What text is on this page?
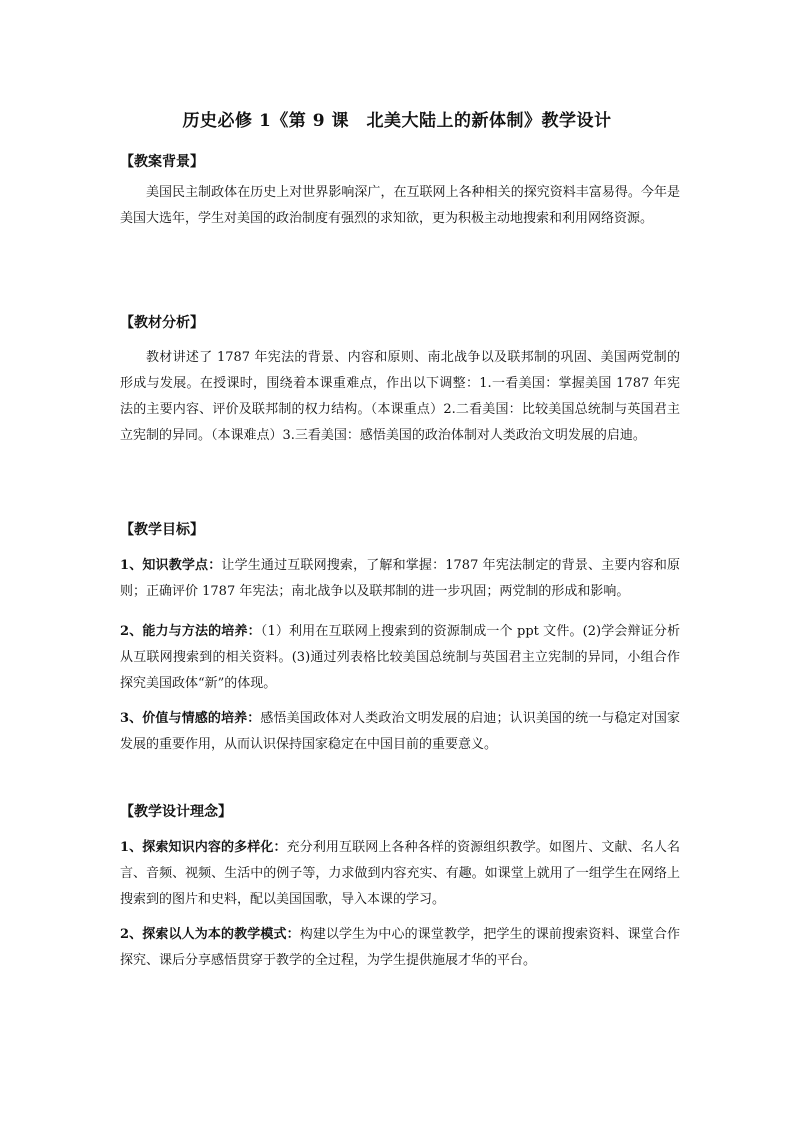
历史必修 1《第 9 课　北美大陆上的新体制》教学设计
【教案背景】
美国民主制政体在历史上对世界影响深广，在互联网上各种相关的探究资料丰富易得。今年是美国大选年，学生对美国的政治制度有强烈的求知欲，更为积极主动地搜索和利用网络资源。
【教材分析】
教材讲述了 1787 年宪法的背景、内容和原则、南北战争以及联邦制的巩固、美国两党制的形成与发展。在授课时，围绕着本课重难点，作出以下调整：1.一看美国：掌握美国 1787 年宪法的主要内容、评价及联邦制的权力结构。（本课重点）2.二看美国：比较美国总统制与英国君主立宪制的异同。（本课难点）3.三看美国：感悟美国的政治体制对人类政治文明发展的启迪。
【教学目标】
1、知识教学点：让学生通过互联网搜索，了解和掌握：1787 年宪法制定的背景、主要内容和原则；正确评价 1787 年宪法；南北战争以及联邦制的进一步巩固；两党制的形成和影响。
2、能力与方法的培养：（1）利用在互联网上搜索到的资源制成一个 ppt 文件。(2)学会辩证分析从互联网搜索到的相关资料。(3)通过列表格比较美国总统制与英国君主立宪制的异同，小组合作探究美国政体“新”的体现。
3、价值与情感的培养：感悟美国政体对人类政治文明发展的启迪；认识美国的统一与稳定对国家发展的重要作用，从而认识保持国家稳定在中国目前的重要意义。
【教学设计理念】
1、探索知识内容的多样化：充分利用互联网上各种各样的资源组织教学。如图片、文献、名人名言、音频、视频、生活中的例子等，力求做到内容充实、有趣。如课堂上就用了一组学生在网络上搜索到的图片和史料，配以美国国歌，导入本课的学习。
2、探索以人为本的教学模式：构建以学生为中心的课堂教学，把学生的课前搜索资料、课堂合作探究、课后分享感悟贯穿于教学的全过程，为学生提供施展才华的平台。
